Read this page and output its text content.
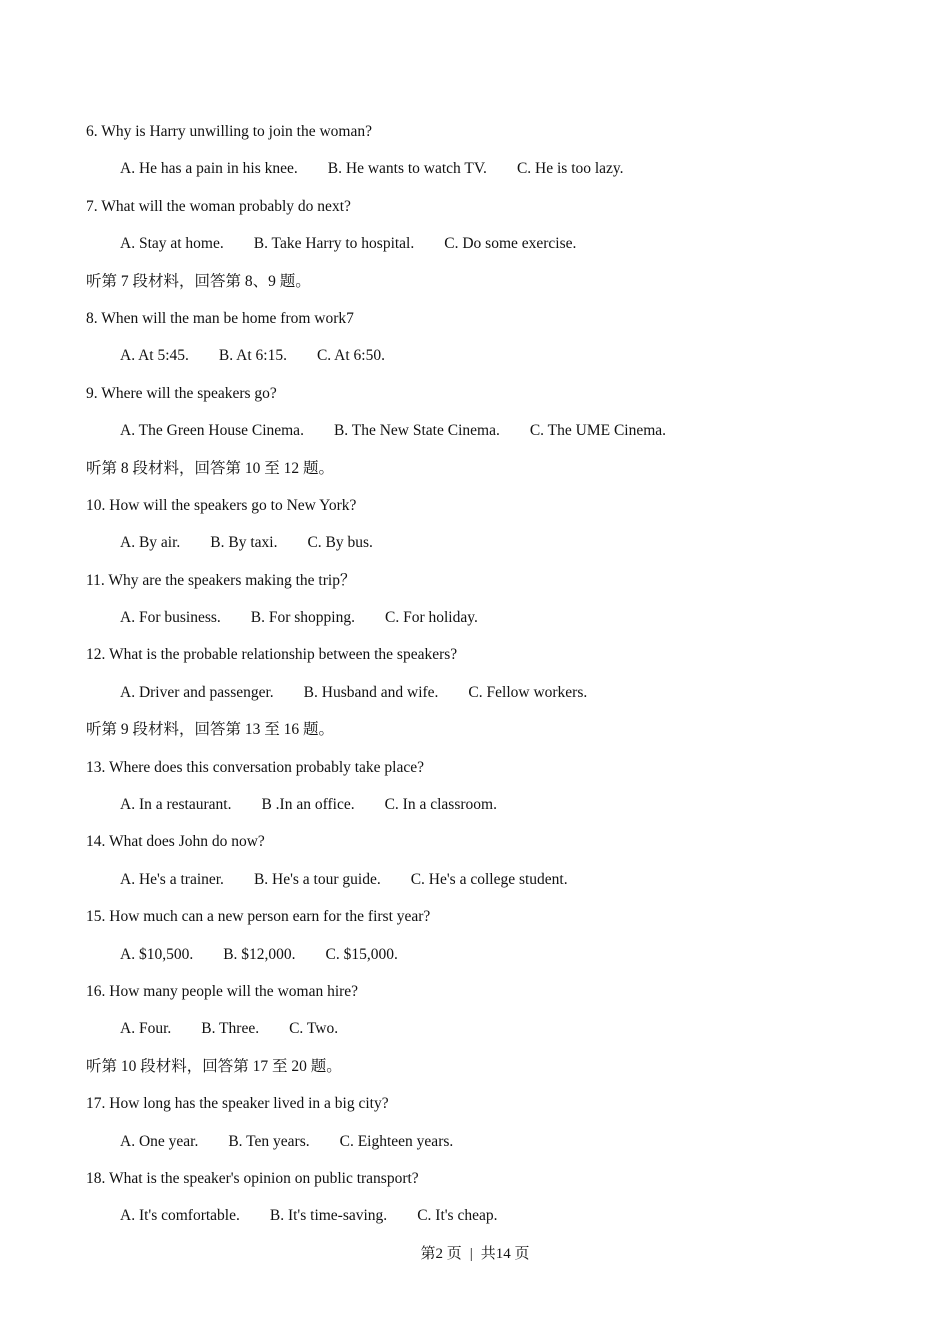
6. Why is Harry unwilling to join the woman?
A. He has a pain in his knee. B. He wants to watch TV. C. He is too lazy.
7. What will the woman probably do next?
A. Stay at home. B. Take Harry to hospital. C. Do some exercise.
听第 7 段材料，回答第 8、9 题。
8. When will the man be home from work7
A. At 5:45. B. At 6:15. C. At 6:50.
9. Where will the speakers go?
A. The Green House Cinema. B. The New State Cinema. C. The UME Cinema.
听第 8 段材料，回答第 10 至 12 题。
10. How will the speakers go to New York?
A. By air. B. By taxi. C. By bus.
11. Why are the speakers making the trip？
A. For business. B. For shopping. C. For holiday.
12. What is the probable relationship between the speakers?
A. Driver and passenger. B. Husband and wife. C. Fellow workers.
听第 9 段材料，回答第 13 至 16 题。
13. Where does this conversation probably take place?
A. In a restaurant. B .In an office. C. In a classroom.
14. What does John do now?
A. He's a trainer. B. He's a tour guide. C. He's a college student.
15. How much can a new person earn for the first year?
A. $10,500. B. $12,000. C. $15,000.
16. How many people will the woman hire?
A. Four. B. Three. C. Two.
听第 10 段材料，回答第 17 至 20 题。
17. How long has the speaker lived in a big city?
A. One year. B. Ten years. C. Eighteen years.
18. What is the speaker's opinion on public transport?
A. It's comfortable. B. It's time-saving. C. It's cheap.
第2 页 | 共14 页
